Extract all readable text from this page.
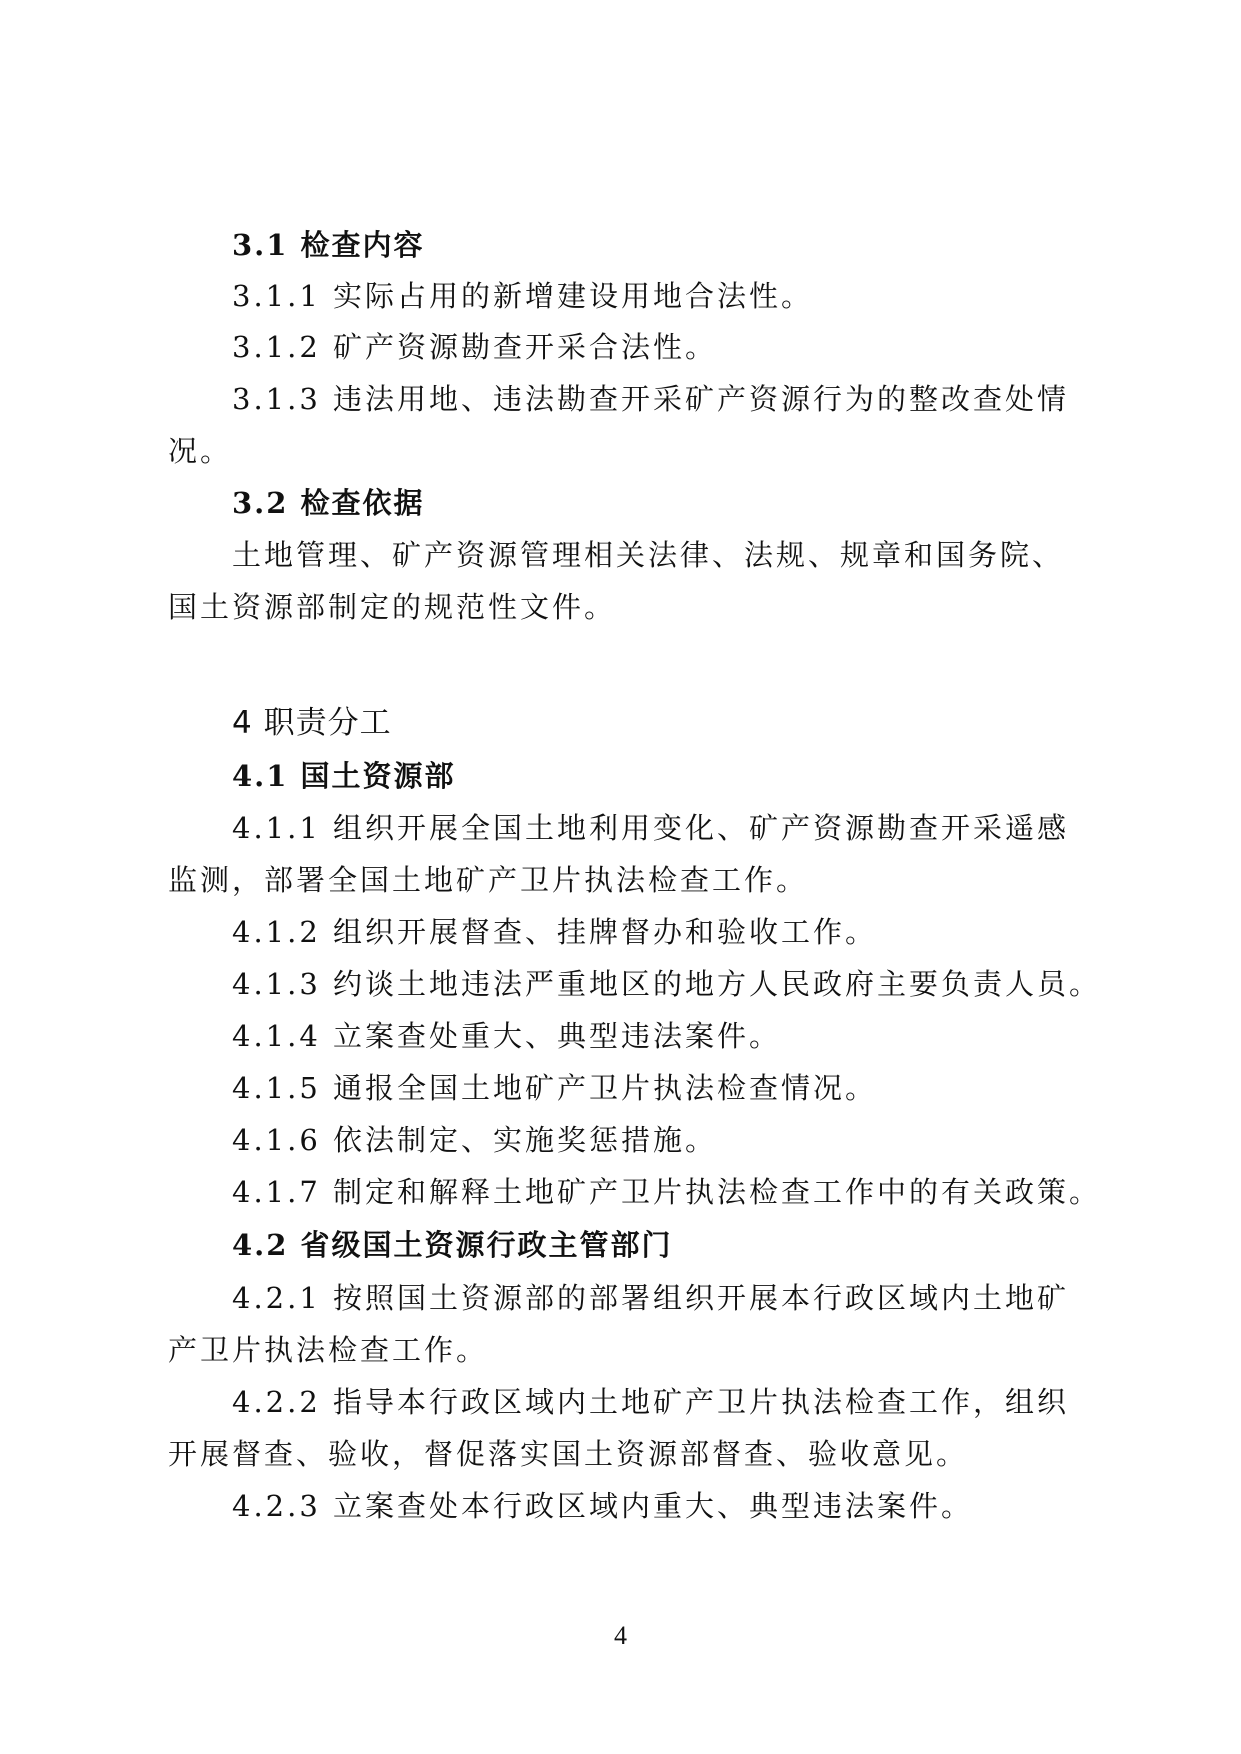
3.1 检查内容
3.1.1 实际占用的新增建设用地合法性。
3.1.2 矿产资源勘查开采合法性。
3.1.3 违法用地、违法勘查开采矿产资源行为的整改查处情
况。
3.2 检查依据
土地管理、矿产资源管理相关法律、法规、规章和国务院、
国土资源部制定的规范性文件。
4 职责分工
4.1 国土资源部
4.1.1 组织开展全国土地利用变化、矿产资源勘查开采遥感
监测，部署全国土地矿产卫片执法检查工作。
4.1.2 组织开展督查、挂牌督办和验收工作。
4.1.3 约谈土地违法严重地区的地方人民政府主要负责人员。
4.1.4 立案查处重大、典型违法案件。
4.1.5 通报全国土地矿产卫片执法检查情况。
4.1.6 依法制定、实施奖惩措施。
4.1.7 制定和解释土地矿产卫片执法检查工作中的有关政策。
4.2 省级国土资源行政主管部门
4.2.1 按照国土资源部的部署组织开展本行政区域内土地矿
产卫片执法检查工作。
4.2.2 指导本行政区域内土地矿产卫片执法检查工作，组织
开展督查、验收，督促落实国土资源部督查、验收意见。
4.2.3 立案查处本行政区域内重大、典型违法案件。
4
